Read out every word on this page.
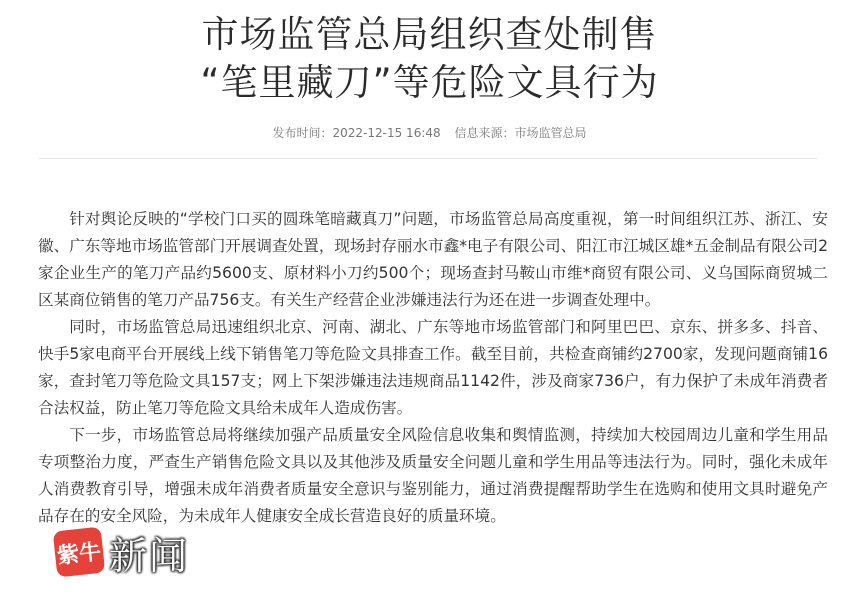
市场监管总局组织查处制售
“笔里藏刀”等危险文具行为
发布时间：2022-12-15 16:48 信息来源：市场监管总局

针对舆论反映的“学校门口买的圆珠笔暗藏真刀”问题，市场监管总局高度重视，第一时间组织江苏、浙江、安徽、广东等地市场监管部门开展调查处置，现场封存丽水市鑫*电子有限公司、阳江市江城区雄*五金制品有限公司2家企业生产的笔刀产品约5600支、原材料小刀约500个；现场查封马鞍山市维*商贸有限公司、义乌国际商贸城二区某商位销售的笔刀产品756支。有关生产经营企业涉嫌违法行为还在进一步调查处理中。

同时，市场监管总局迅速组织北京、河南、湖北、广东等地市场监管部门和阿里巴巴、京东、拼多多、抖音、快手5家电商平台开展线上线下销售笔刀等危险文具排查工作。截至目前，共检查商铺约2700家，发现问题商铺16家，查封笔刀等危险文具157支；网上下架涉嫌违法违规商品1142件，涉及商家736户，有力保护了未成年消费者合法权益，防止笔刀等危险文具给未成年人造成伤害。

下一步，市场监管总局将继续加强产品质量安全风险信息收集和舆情监测，持续加大校园周边儿童和学生用品专项整治力度，严查生产销售危险文具以及其他涉及质量安全问题儿童和学生用品等违法行为。同时，强化未成年人消费教育引导，增强未成年消费者质量安全意识与鉴别能力，通过消费提醒帮助学生在选购和使用文具时避免产品存在的安全风险，为未成年人健康安全成长营造良好的质量环境。

紫牛 新闻
